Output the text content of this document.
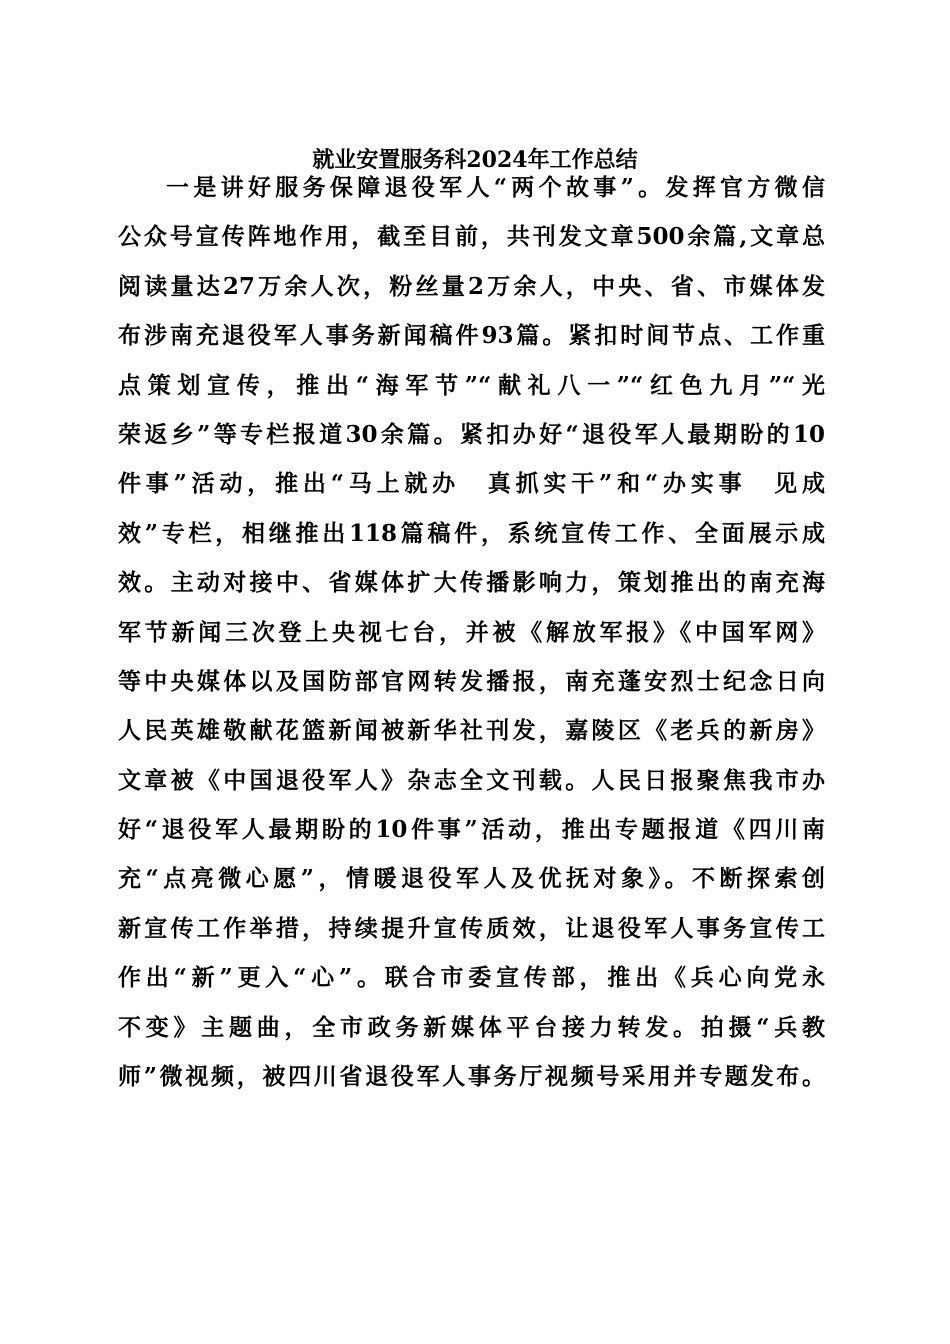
就业安置服务科2024年工作总结
一是讲好服务保障退役军人“两个故事”。发挥官方微信
公众号宣传阵地作用，截至目前，共刊发文章500余篇,文章总
阅读量达27万余人次，粉丝量2万余人，中央、省、市媒体发
布涉南充退役军人事务新闻稿件93篇。紧扣时间节点、工作重
点策划宣传，推出“海军节”“献礼八一”“红色九月”“光
荣返乡”等专栏报道30余篇。紧扣办好“退役军人最期盼的10
件事”活动，推出“马上就办　真抓实干”和“办实事　见成
效”专栏，相继推出118篇稿件，系统宣传工作、全面展示成
效。主动对接中、省媒体扩大传播影响力，策划推出的南充海
军节新闻三次登上央视七台，并被《解放军报》《中国军网》
等中央媒体以及国防部官网转发播报，南充蓬安烈士纪念日向
人民英雄敬献花篮新闻被新华社刊发，嘉陵区《老兵的新房》
文章被《中国退役军人》杂志全文刊载。人民日报聚焦我市办
好“退役军人最期盼的10件事”活动，推出专题报道《四川南
充“点亮微心愿”，情暖退役军人及优抚对象》。不断探索创
新宣传工作举措，持续提升宣传质效，让退役军人事务宣传工
作出“新”更入“心”。联合市委宣传部，推出《兵心向党永
不变》主题曲，全市政务新媒体平台接力转发。拍摄“兵教
师”微视频，被四川省退役军人事务厅视频号采用并专题发布。
